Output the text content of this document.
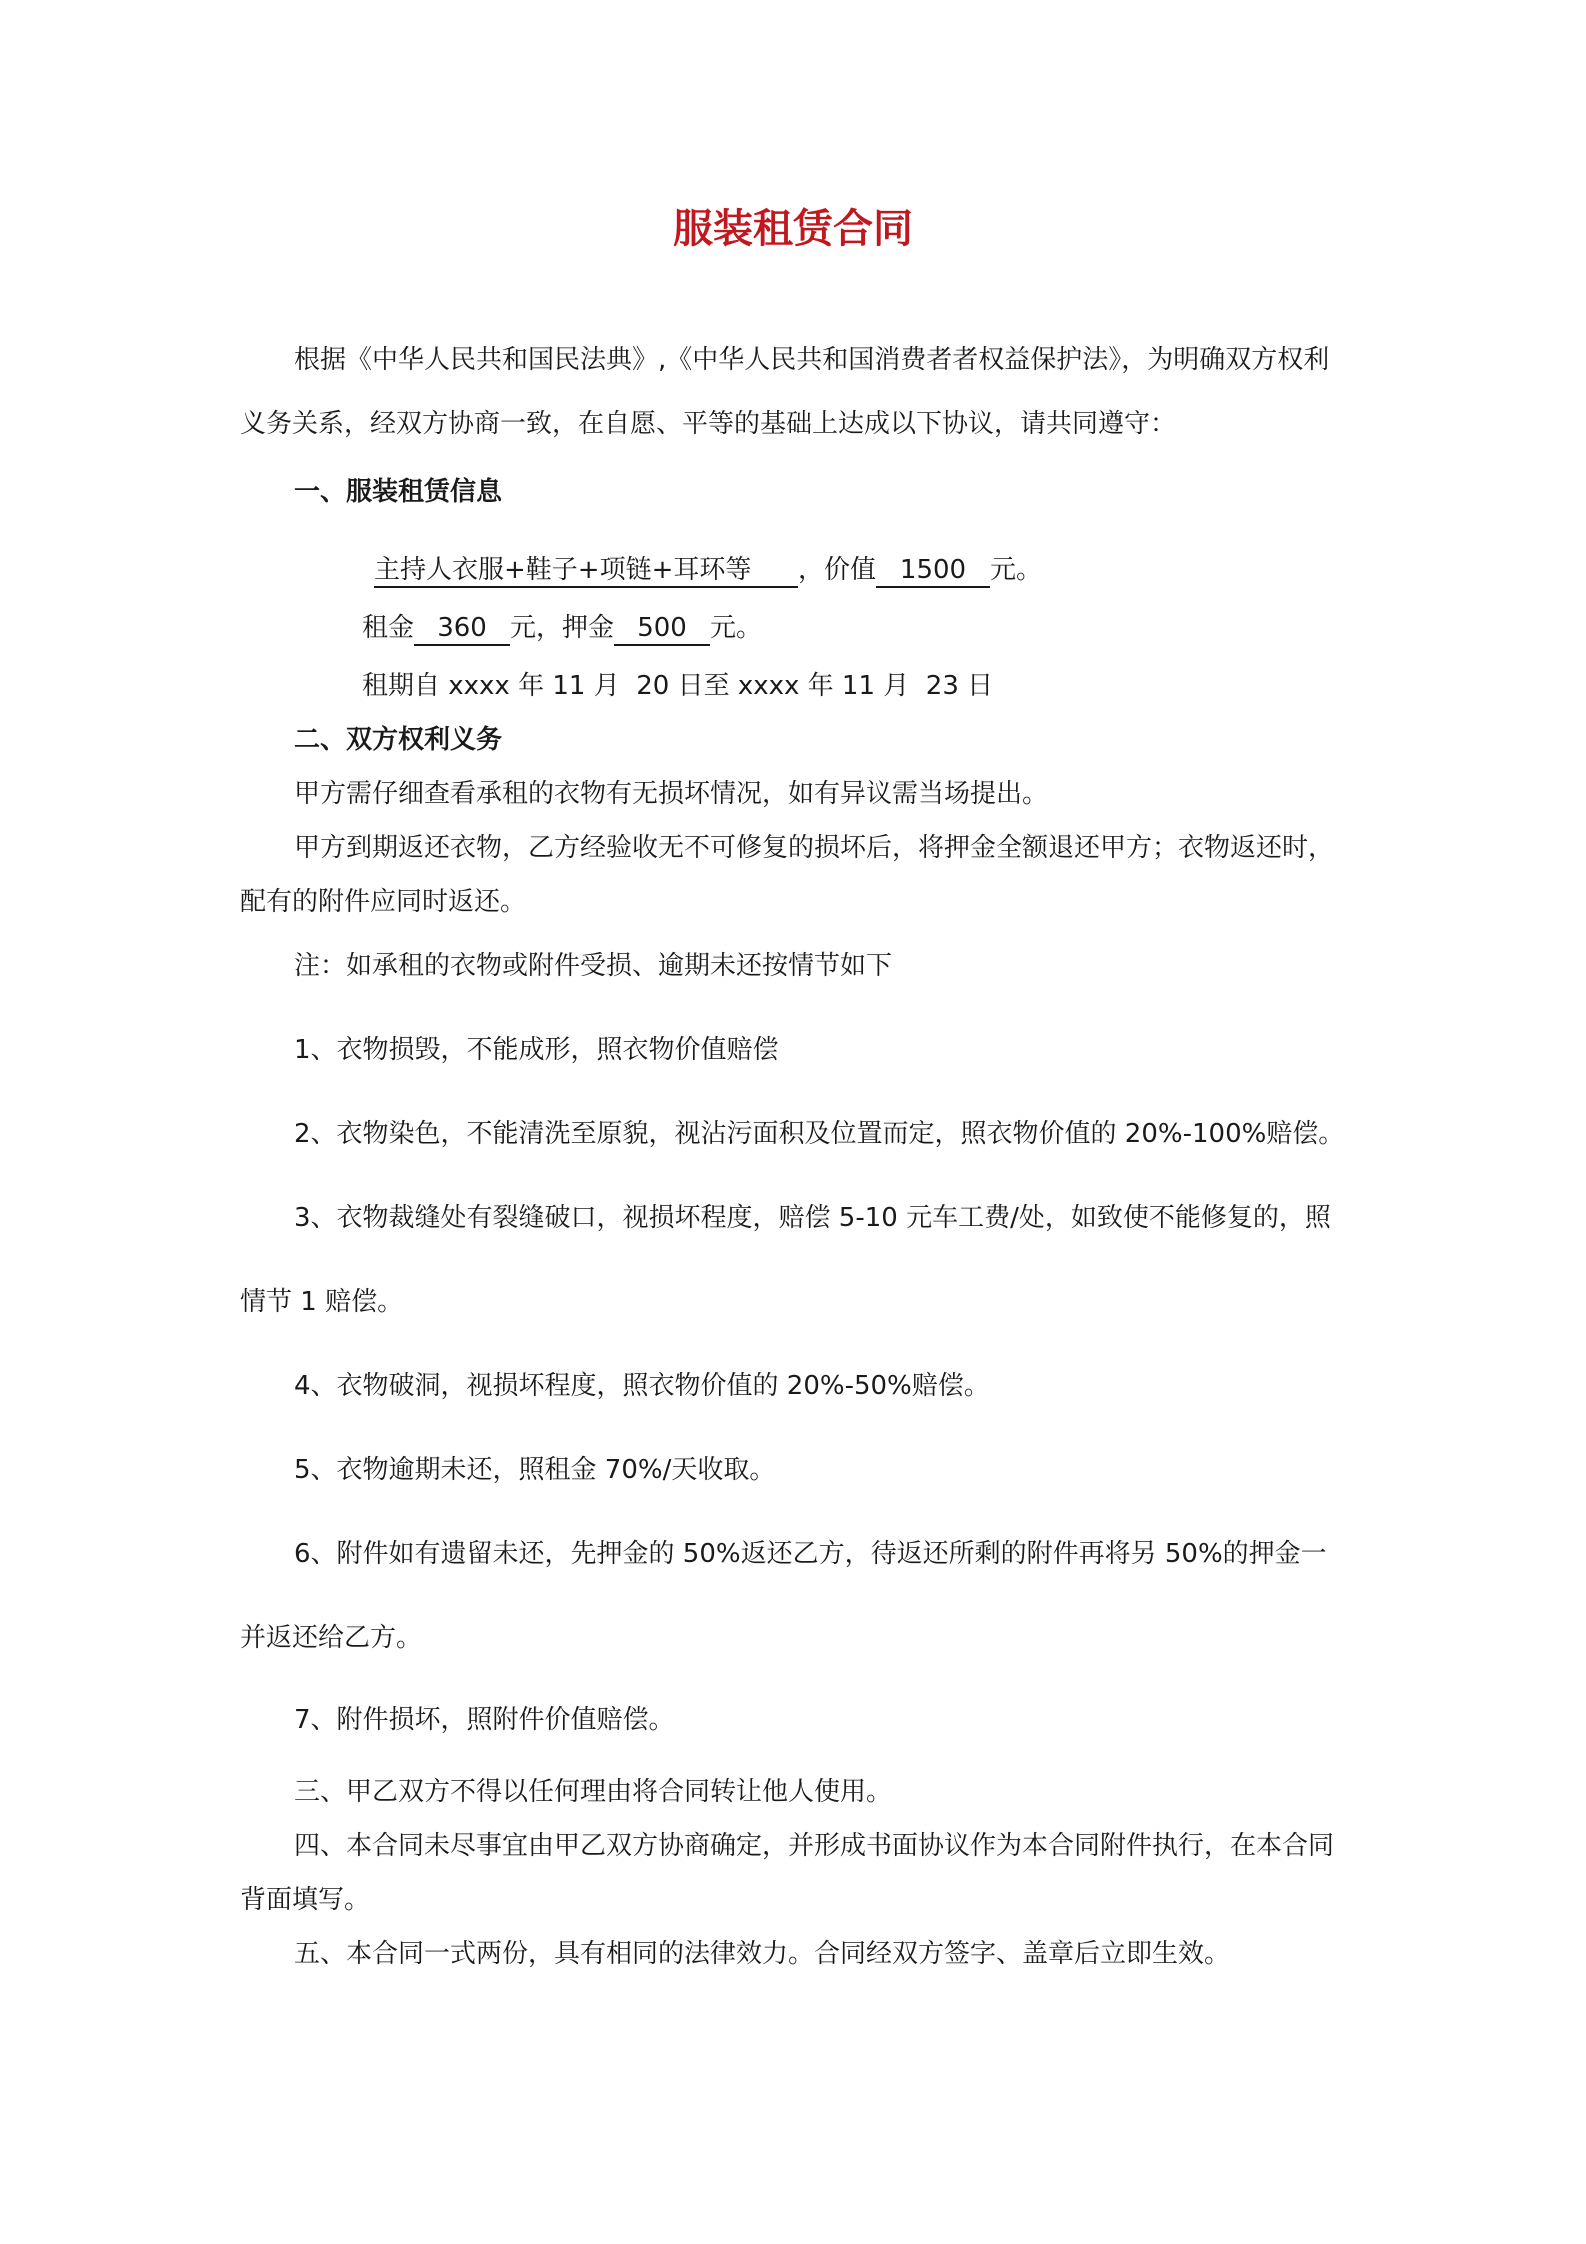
服装租赁合同

根据《中华人民共和国民法典》,《中华人民共和国消费者者权益保护法》，为明确双方权利

义务关系，经双方协商一致，在自愿、平等的基础上达成以下协议，请共同遵守：

一、服装租赁信息

主持人衣服+鞋子+项链+耳环等 ，价值 1500 元。

租金 360 元，押金 500 元。

租期自 xxxx 年 11 月  20 日至 xxxx 年 11 月  23 日

二、双方权利义务

甲方需仔细查看承租的衣物有无损坏情况，如有异议需当场提出。

甲方到期返还衣物，乙方经验收无不可修复的损坏后，将押金全额退还甲方；衣物返还时，

配有的附件应同时返还。

注：如承租的衣物或附件受损、逾期未还按情节如下

1、衣物损毁，不能成形，照衣物价值赔偿

2、衣物染色，不能清洗至原貌，视沾污面积及位置而定，照衣物价值的 20%-100%赔偿。

3、衣物裁缝处有裂缝破口，视损坏程度，赔偿 5-10 元车工费/处，如致使不能修复的，照

情节 1 赔偿。

4、衣物破洞，视损坏程度，照衣物价值的 20%-50%赔偿。

5、衣物逾期未还，照租金 70%/天收取。

6、附件如有遗留未还，先押金的 50%返还乙方，待返还所剩的附件再将另 50%的押金一

并返还给乙方。

7、附件损坏，照附件价值赔偿。

三、甲乙双方不得以任何理由将合同转让他人使用。

四、本合同未尽事宜由甲乙双方协商确定，并形成书面协议作为本合同附件执行，在本合同

背面填写。

五、本合同一式两份，具有相同的法律效力。合同经双方签字、盖章后立即生效。
